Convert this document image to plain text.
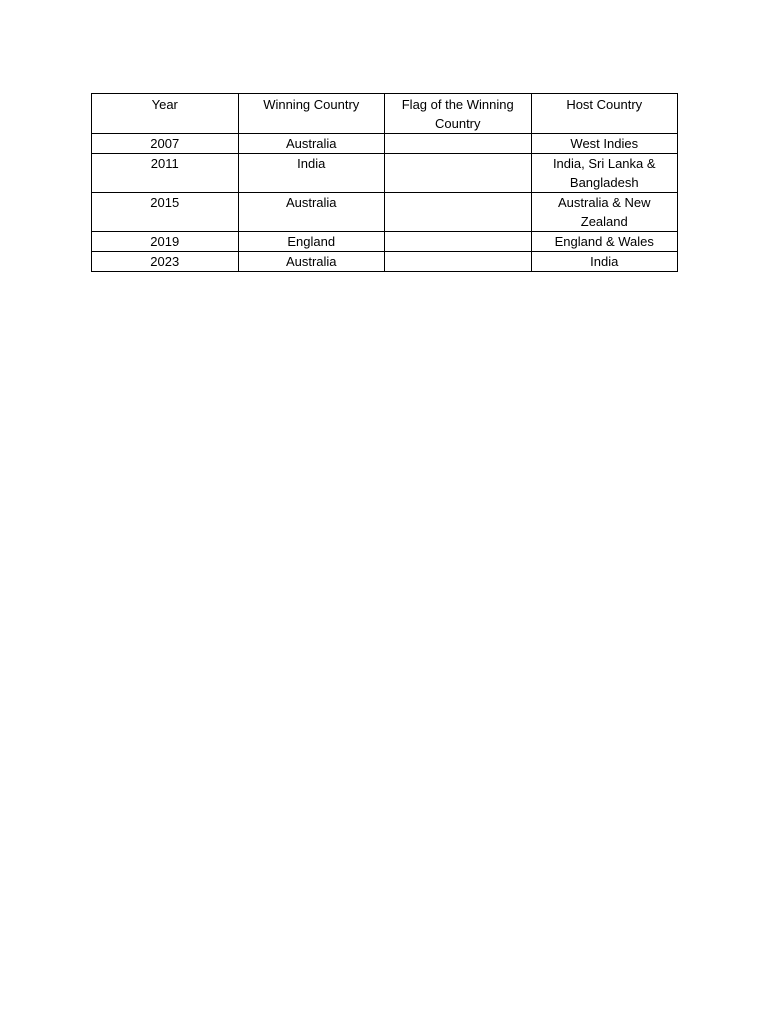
Year	Winning Country	Flag of the Winning Country	Host Country
2007	Australia		West Indies
2011	India		India, Sri Lanka & Bangladesh
2015	Australia		Australia & New Zealand
2019	England		England & Wales
2023	Australia		India
